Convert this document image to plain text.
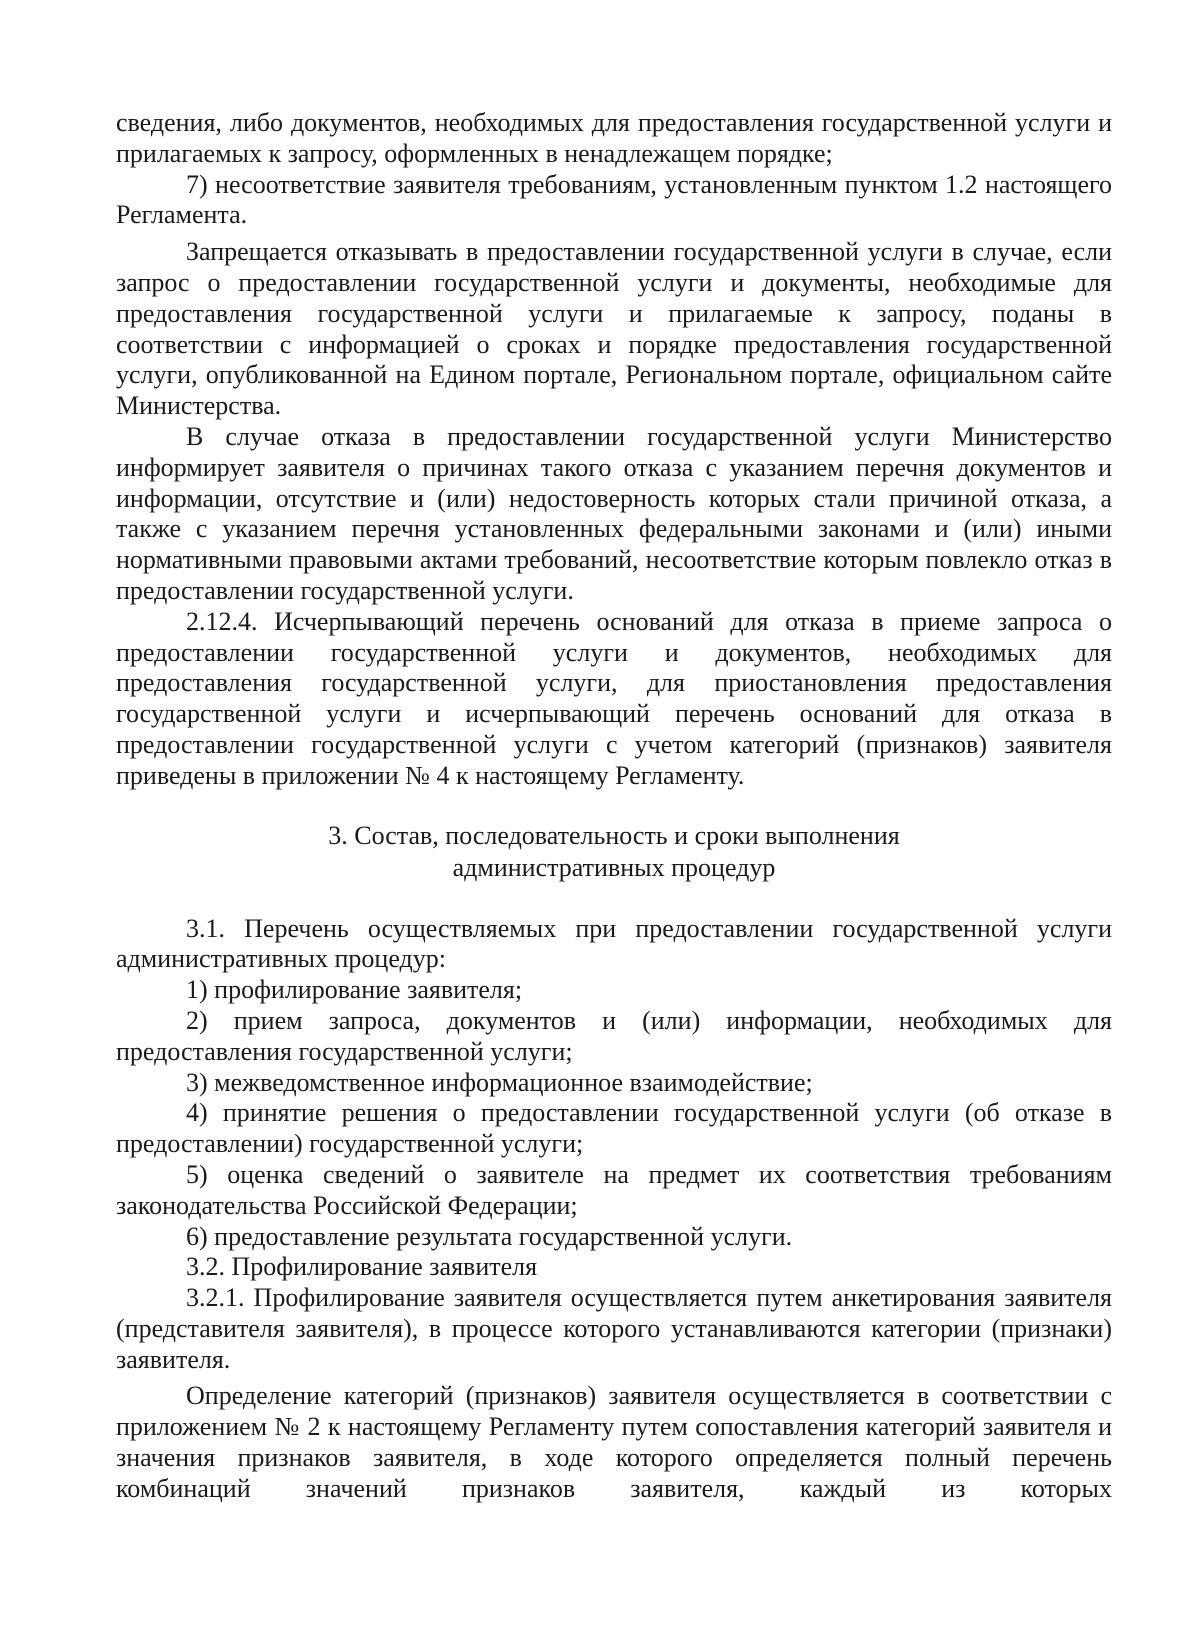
сведения, либо документов, необходимых для предоставления государственной услуги и прилагаемых к запросу, оформленных в ненадлежащем порядке;

7) несоответствие заявителя требованиям, установленным пунктом 1.2 настоящего Регламента.

Запрещается отказывать в предоставлении государственной услуги в случае, если запрос о предоставлении государственной услуги и документы, необходимые для предоставления государственной услуги и прилагаемые к запросу, поданы в соответствии с информацией о сроках и порядке предоставления государственной услуги, опубликованной на Едином портале, Региональном портале, официальном сайте Министерства.

В случае отказа в предоставлении государственной услуги Министерство информирует заявителя о причинах такого отказа с указанием перечня документов и информации, отсутствие и (или) недостоверность которых стали причиной отказа, а также с указанием перечня установленных федеральными законами и (или) иными нормативными правовыми актами требований, несоответствие которым повлекло отказ в предоставлении государственной услуги.

2.12.4. Исчерпывающий перечень оснований для отказа в приеме запроса о предоставлении государственной услуги и документов, необходимых для предоставления государственной услуги, для приостановления предоставления государственной услуги и исчерпывающий перечень оснований для отказа в предоставлении государственной услуги с учетом категорий (признаков) заявителя приведены в приложении № 4 к настоящему Регламенту.

3. Состав, последовательность и сроки выполнения
административных процедур

3.1. Перечень осуществляемых при предоставлении государственной услуги административных процедур:

1) профилирование заявителя;

2) прием запроса, документов и (или) информации, необходимых для предоставления государственной услуги;

3) межведомственное информационное взаимодействие;

4) принятие решения о предоставлении государственной услуги (об отказе в предоставлении) государственной услуги;

5) оценка сведений о заявителе на предмет их соответствия требованиям законодательства Российской Федерации;

6) предоставление результата государственной услуги.

3.2. Профилирование заявителя

3.2.1. Профилирование заявителя осуществляется путем анкетирования заявителя (представителя заявителя), в процессе которого устанавливаются категории (признаки) заявителя.

Определение категорий (признаков) заявителя осуществляется в соответствии с приложением № 2 к настоящему Регламенту путем сопоставления категорий заявителя и значения признаков заявителя, в ходе которого определяется полный перечень комбинаций значений признаков заявителя, каждый из которых
